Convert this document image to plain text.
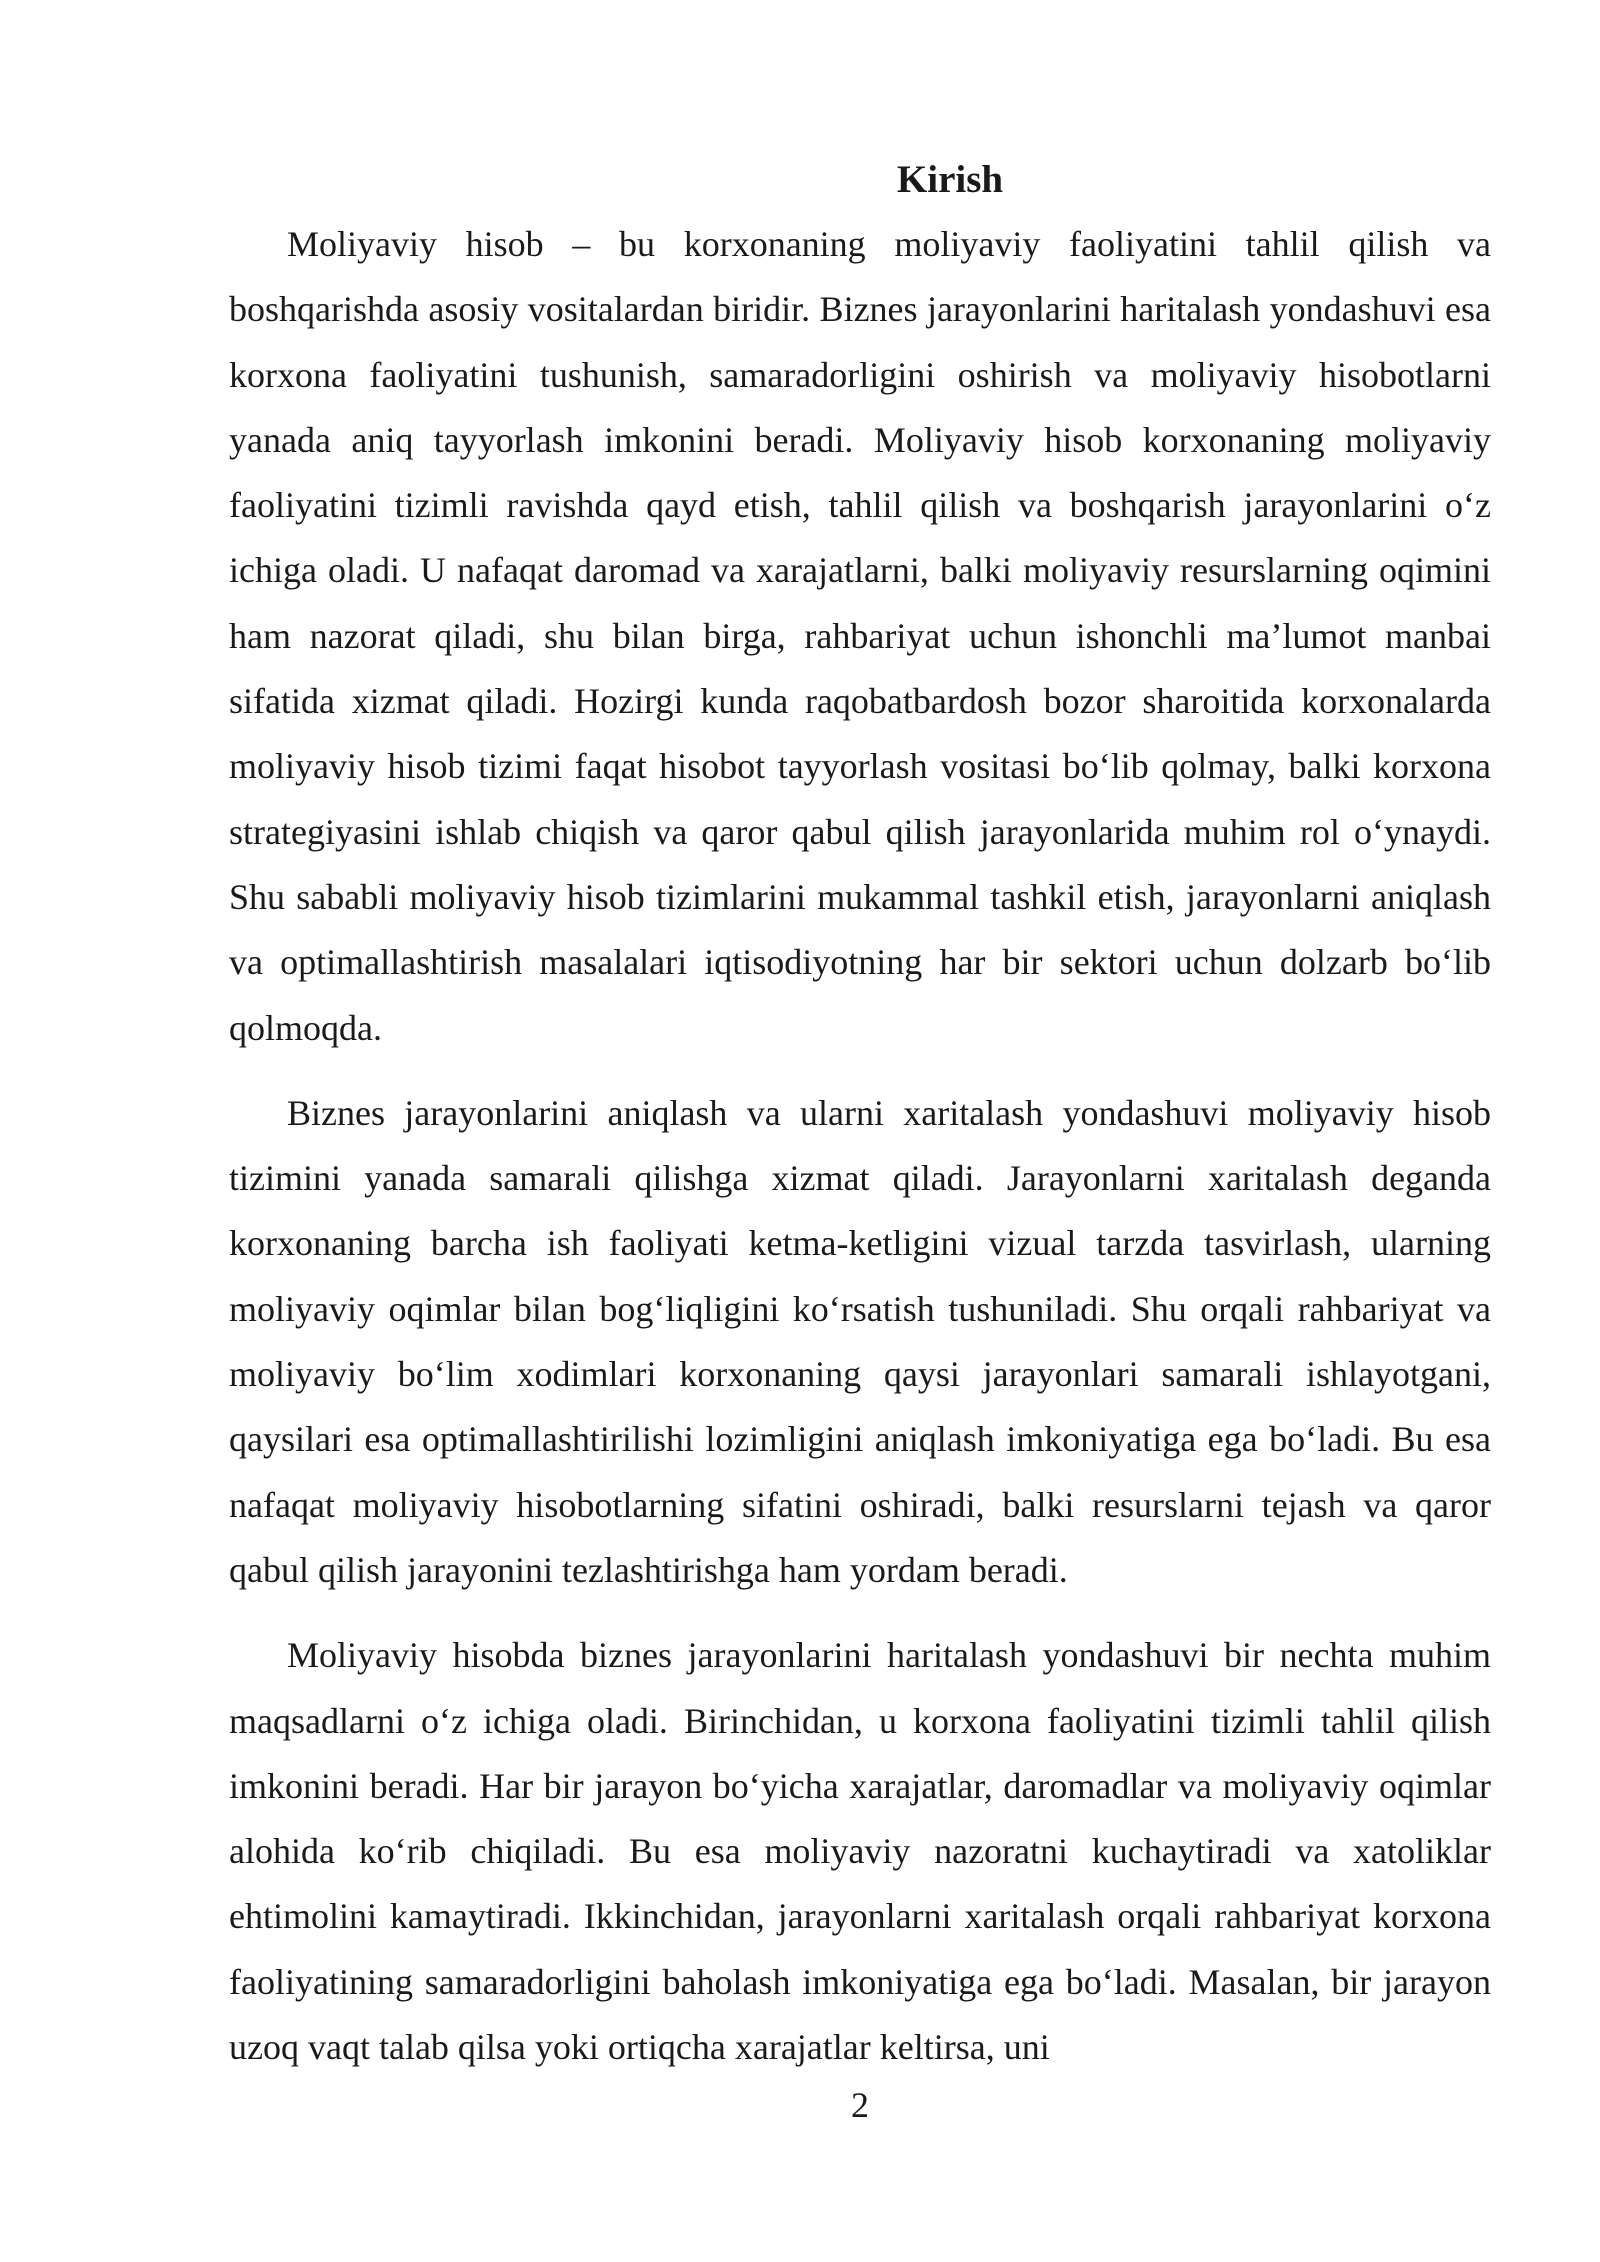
Kirish

Moliyaviy hisob – bu korxonaning moliyaviy faoliyatini tahlil qilish va boshqarishda asosiy vositalardan biridir. Biznes jarayonlarini haritalash yondashuvi esa korxona faoliyatini tushunish, samaradorligini oshirish va moliyaviy hisobotlarni yanada aniq tayyorlash imkonini beradi. Moliyaviy hisob korxonaning moliyaviy faoliyatini tizimli ravishda qayd etish, tahlil qilish va boshqarish jarayonlarini o‘z ichiga oladi. U nafaqat daromad va xarajatlarni, balki moliyaviy resurslarning oqimini ham nazorat qiladi, shu bilan birga, rahbariyat uchun ishonchli ma’lumot manbai sifatida xizmat qiladi. Hozirgi kunda raqobatbardosh bozor sharoitida korxonalarda moliyaviy hisob tizimi faqat hisobot tayyorlash vositasi bo‘lib qolmay, balki korxona strategiyasini ishlab chiqish va qaror qabul qilish jarayonlarida muhim rol o‘ynaydi. Shu sababli moliyaviy hisob tizimlarini mukammal tashkil etish, jarayonlarni aniqlash va optimallashtirish masalalari iqtisodiyotning har bir sektori uchun dolzarb bo‘lib qolmoqda.

Biznes jarayonlarini aniqlash va ularni xaritalash yondashuvi moliyaviy hisob tizimini yanada samarali qilishga xizmat qiladi. Jarayonlarni xaritalash deganda korxonaning barcha ish faoliyati ketma-ketligini vizual tarzda tasvirlash, ularning moliyaviy oqimlar bilan bog‘liqligini ko‘rsatish tushuniladi. Shu orqali rahbariyat va moliyaviy bo‘lim xodimlari korxonaning qaysi jarayonlari samarali ishlayotgani, qaysilari esa optimallashtirilishi lozimligini aniqlash imkoniyatiga ega bo‘ladi. Bu esa nafaqat moliyaviy hisobotlarning sifatini oshiradi, balki resurslarni tejash va qaror qabul qilish jarayonini tezlashtirishga ham yordam beradi.

Moliyaviy hisobda biznes jarayonlarini haritalash yondashuvi bir nechta muhim maqsadlarni o‘z ichiga oladi. Birinchidan, u korxona faoliyatini tizimli tahlil qilish imkonini beradi. Har bir jarayon bo‘yicha xarajatlar, daromadlar va moliyaviy oqimlar alohida ko‘rib chiqiladi. Bu esa moliyaviy nazoratni kuchaytiradi va xatoliklar ehtimolini kamaytiradi. Ikkinchidan, jarayonlarni xaritalash orqali rahbariyat korxona faoliyatining samaradorligini baholash imkoniyatiga ega bo‘ladi. Masalan, bir jarayon uzoq vaqt talab qilsa yoki ortiqcha xarajatlar keltirsa, uni

2
